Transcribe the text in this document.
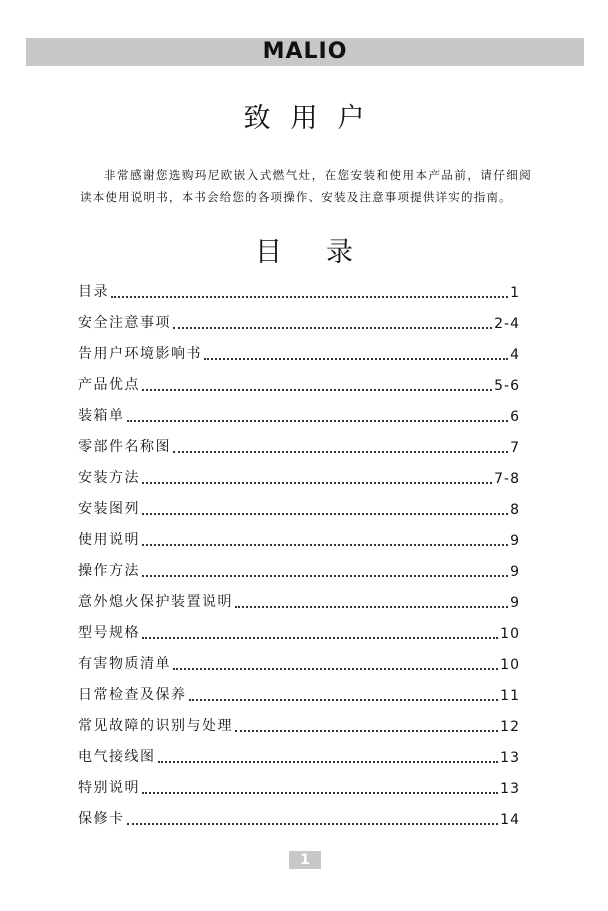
MALIO
致用户

非常感谢您选购玛尼欧嵌入式燃气灶，在您安装和使用本产品前，请仔细阅读本使用说明书，本书会给您的各项操作、安装及注意事项提供详实的指南。

目录
目录	1
安全注意事项	2-4
告用户环境影响书	4
产品优点	5-6
装箱单	6
零部件名称图	7
安装方法	7-8
安装图列	8
使用说明	9
操作方法	9
意外熄火保护装置说明	9
型号规格	10
有害物质清单	10
日常检查及保养	11
常见故障的识别与处理	12
电气接线图	13
特别说明	13
保修卡	14
1
